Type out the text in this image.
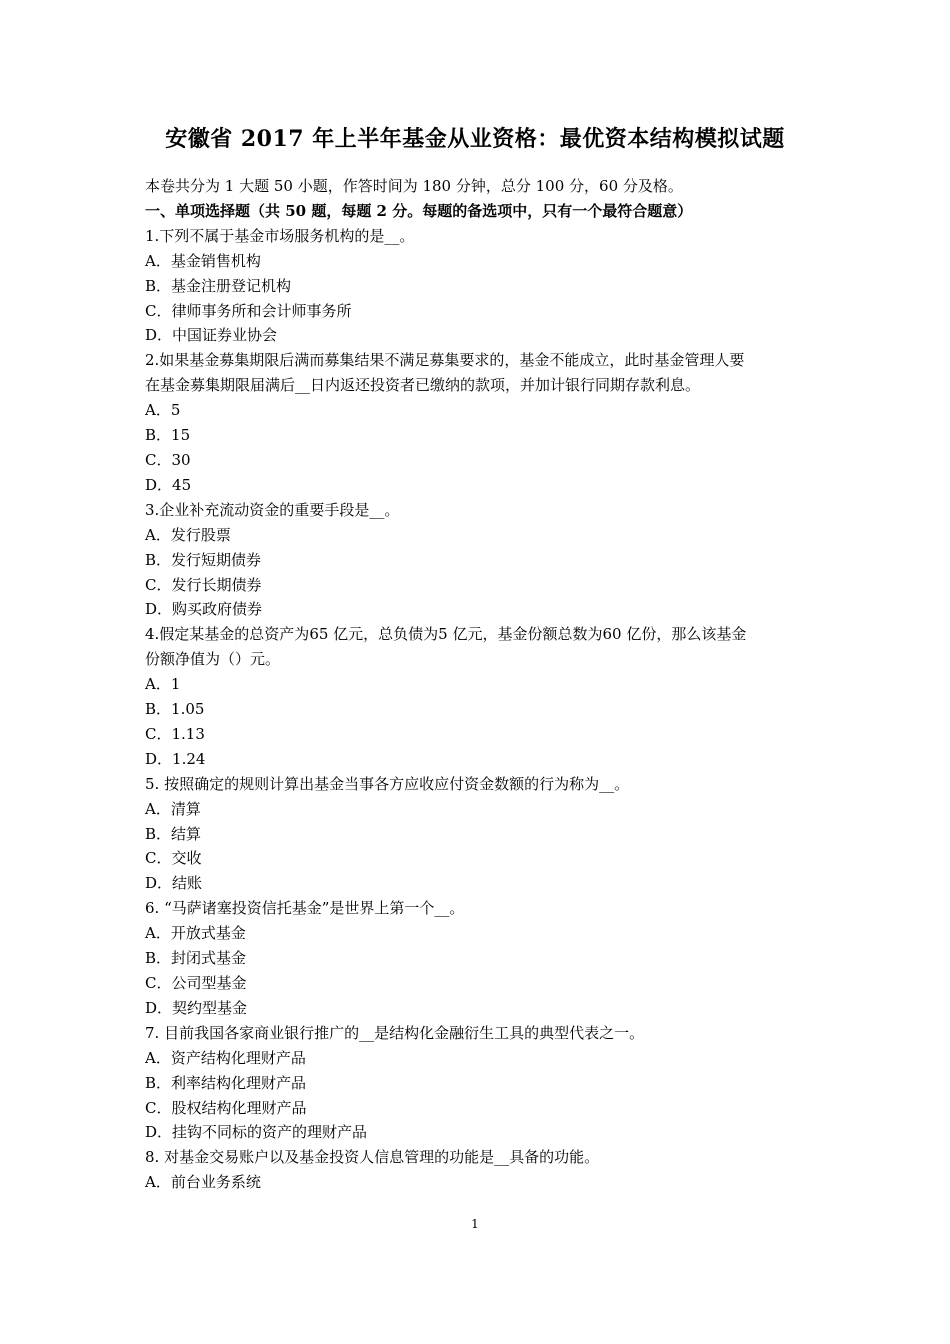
安徽省 2017 年上半年基金从业资格：最优资本结构模拟试题
本卷共分为 1 大题 50 小题，作答时间为 180 分钟，总分 100 分，60 分及格。
一、单项选择题（共 50 题，每题 2 分。每题的备选项中，只有一个最符合题意）
1.下列不属于基金市场服务机构的是__。
A．基金销售机构
B．基金注册登记机构
C．律师事务所和会计师事务所
D．中国证券业协会
2.如果基金募集期限后满而募集结果不满足募集要求的，基金不能成立，此时基金管理人要
在基金募集期限届满后__日内返还投资者已缴纳的款项，并加计银行同期存款利息。
A．5
B．15
C．30
D．45
3.企业补充流动资金的重要手段是__。
A．发行股票
B．发行短期债券
C．发行长期债券
D．购买政府债券
4.假定某基金的总资产为65 亿元，总负债为5 亿元，基金份额总数为60 亿份，那么该基金
份额净值为（）元。
A．1
B．1.05
C．1.13
D．1.24
5. 按照确定的规则计算出基金当事各方应收应付资金数额的行为称为__。
A．清算
B．结算
C．交收
D．结账
6. “马萨诸塞投资信托基金”是世界上第一个__。
A．开放式基金
B．封闭式基金
C．公司型基金
D．契约型基金
7. 目前我国各家商业银行推广的__是结构化金融衍生工具的典型代表之一。
A．资产结构化理财产品
B．利率结构化理财产品
C．股权结构化理财产品
D．挂钩不同标的资产的理财产品
8. 对基金交易账户以及基金投资人信息管理的功能是__具备的功能。
A．前台业务系统
1
